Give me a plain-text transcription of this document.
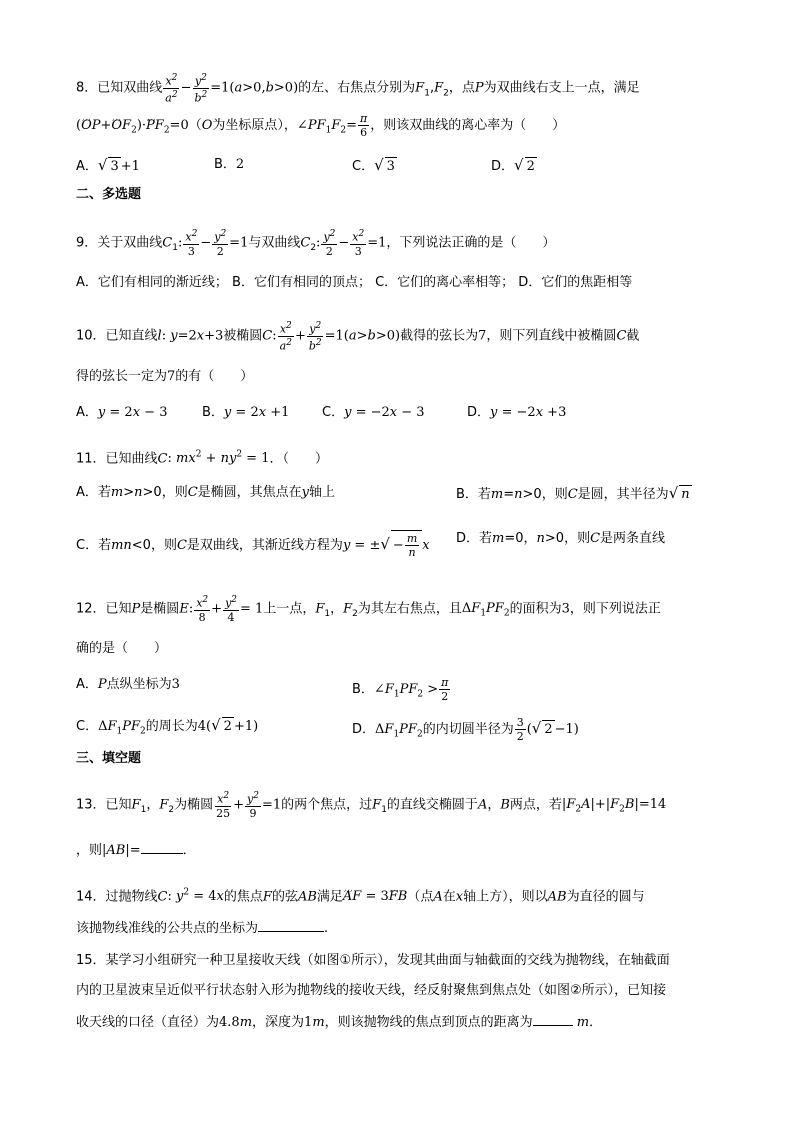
8．已知双曲线 $\frac{x^2}{a^2} - \frac{y^2}{b^2} =1(a>0,b>0)$的左、右焦点分别为$F_1,F_2$，点P为双曲线右支上一点，满足
(¸¸¸ OP+¸¸¸ $OF_2)\cdot¸¸¸$ $PF_2=0(O$为坐标原点），$\angle PF_1F_2= \frac{\pi}{6}$ ，则该双曲线的离心率为（　　）
A．√ 3 +1	B．2	C．√ 3	D．√ 2
二、多选题
9．关于双曲线$C_1$: $\frac{x^2}{3} - \frac{y^2}{2} =1$与双曲线$C_2$: $\frac{y^2}{2} - \frac{x^2}{3} =1$，下列说法正确的是（　　）
A．它们有相同的渐近线； B．它们有相同的顶点； C．它们的离心率相等； D．它们的焦距相等
10．已知直线l: y=2x+3被椭圆C: $\frac{x^2}{a^2} + \frac{y^2}{b^2} =1(a>b>0)$截得的弦长为7，则下列直线中被椭圆C截
得的弦长一定为7的有（　　）
A．y = 2x − 3	B．y = 2x +1	C．y = −2x − 3	D．y = −2x +3
11．已知曲线C: $mx^2 + ny^2 = 1$．（　　）
A．若m>n>0，则C是椭圆，其焦点在y轴上	B．若m=n>0，则C是圆，其半径为√ n
C．若mn<0，则C是双曲线，其渐近线方程为y = ±√ − $\frac{m}{n}$ x D．若m=0，n>0，则C是两条直线
12．已知P是椭圆E: $\frac{x^2}{8} + \frac{y^2}{4} = 1$上一点，$F_1$，$F_2$为其左右焦点，且$\Delta F_1PF_2$的面积为3，则下列说法正
确的是（　　）
A．P点纵坐标为3	B．$\angle F_1PF_2 > \frac{\pi}{2}$
C．$\Delta F_1PF_2$的周长为4(√ 2 +1)	D．$\Delta F_1PF_2$的内切圆半径为 $\frac{3}{2}$ (√ 2 −1)
三、填空题
13．已知$F_1$，$F_2$为椭圆 $\frac{x^2}{25} + \frac{y^2}{9} =1$的两个焦点，过$F_1$的直线交椭圆于A，B两点，若$|F_2A|+|F_2B|=14$
，则|AB|=	．
14．过抛物线C: $y^2 = 4x$的焦点F的弦AB满足¸¸¸ AF = 3¸¸¸ FB（点A在x轴上方），则以AB为直径的圆与
该抛物线准线的公共点的坐标为	.
15．某学习小组研究一种卫星接收天线（如图①所示），发现其曲面与轴截面的交线为抛物线，在轴截面
内的卫星波束呈近似平行状态射入形为抛物线的接收天线，经反射聚焦到焦点处（如图②所示），已知接
收天线的口径（直径）为4.8m，深度为1m，则该抛物线的焦点到顶点的距离为	m．
